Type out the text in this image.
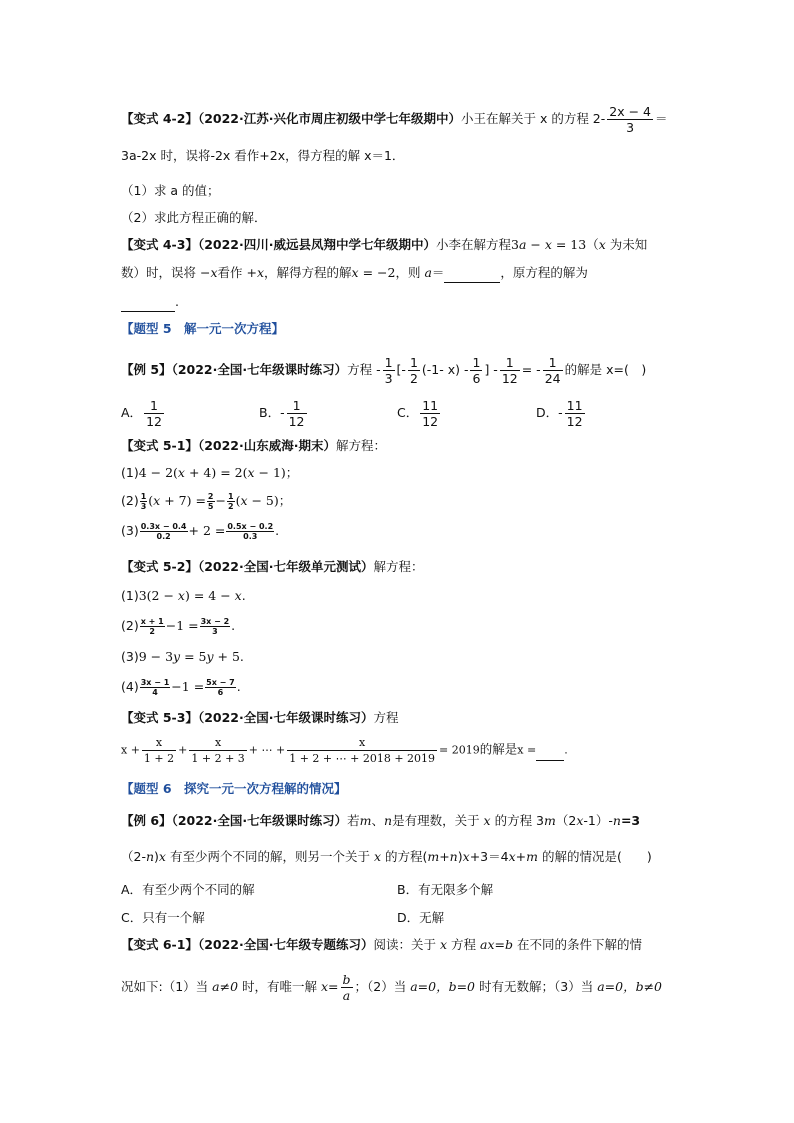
【变式 4-2】（2022·江苏·兴化市周庄初级中学七年级期中）小王在解关于 x 的方程 $2- \frac{2x - 4}{3}$ ＝
3a-2x 时，误将-2x 看作+2x，得方程的解 x＝1．
（1）求 a 的值；
（2）求此方程正确的解．
【变式 4-3】（2022·四川·威远县凤翔中学七年级期中）小李在解方程3𝑎 − 𝑥 = 13（𝑥 为未知
数）时，误将 −𝑥看作 +𝑥，解得方程的解𝑥 = −2，则 𝑎＝	，原方程的解为
.
【题型 5　解一元一次方程】
【例 5】（2022·全国·七年级课时练习）方程 - $\frac{1}{3}$ [- $\frac{1}{2} (-1-$ $x) - \frac{1}{6}$ ] - $\frac{1}{12}$ = - $\frac{1}{24}$ 的解是 x=(　)
A． $\frac{1}{12}$	B．- $\frac{1}{12}$	C． $\frac{11}{12}$	D．- $\frac{11}{12}$
【变式 5-1】（2022·山东威海·期末）解方程：
(1)4 − 2(𝑥 + 4) = 2(𝑥 − 1)；
$(2) \frac{1}{3}$ (𝑥 + $7) = \frac{2}{5} - \frac{1}{2}$ (𝑥 − 5)；
$(3) \frac{0.3x - 0.4}{0.2} + 2 = \frac{0.5x - 0.2}{0.3}$ .
【变式 5-2】（2022·全国·七年级单元测试）解方程：
(1)3(2 − 𝑥) = 4 − 𝑥.
$(2) \frac{x + 1}{2} -1 = \frac{3x - 2}{3}$ .
(3)9 − 3𝑦 = 5𝑦 + 5.
$(4) \frac{3x - 1}{4} -1 = \frac{5x - 7}{6}$ .
【变式 5-3】（2022·全国·七年级课时练习）方程
$x + \frac{x}{1 + 2} + \frac{x}{1 + 2 + 3}$ + ⋯ + $\frac{x}{1 + 2 + \cdots + 2018 + 2019} = 2019$的解是x =	.
【题型 6　探究一元一次方程解的情况】
【例 6】（2022·全国·七年级课时练习）若𝑚、𝑛是有理数，关于 x 的方程 3m（2x-1）-n=3
（2-n)x 有至少两个不同的解，则另一个关于 x 的方程(m+n)x+3＝4x+m 的解的情况是(　　)
A．有至少两个不同的解	B．有无限多个解
C．只有一个解	D．无解
【变式 6-1】（2022·全国·七年级专题练习）阅读：关于 x 方程 ax=b 在不同的条件下解的情
况如下:（1）当 a≠0 时，有唯一解 $x= \frac{b}{a}$ ；（2）当 a=0，b=0 时有无数解；（3）当 a=0，b≠0
